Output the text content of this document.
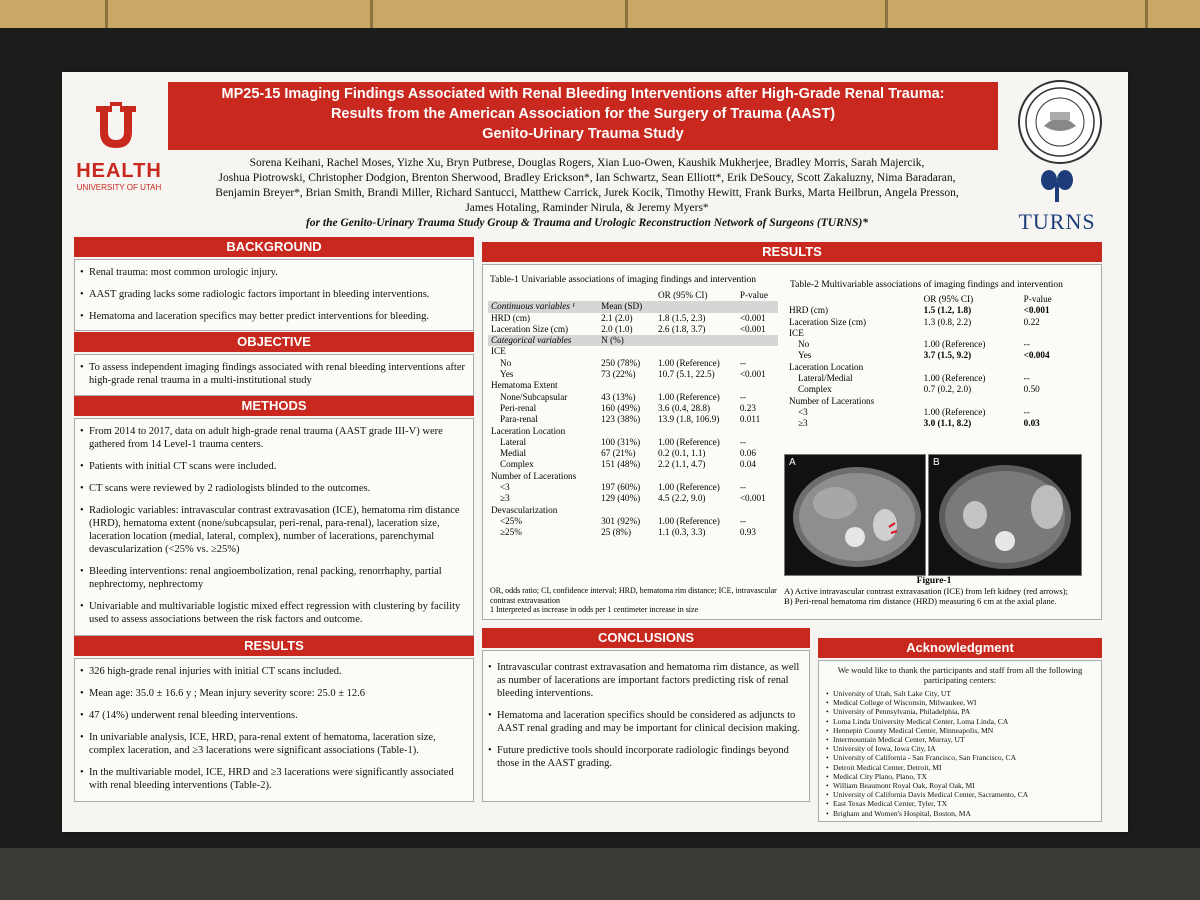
HEALTH
UNIVERSITY OF UTAH
MP25-15 Imaging Findings Associated with Renal Bleeding Interventions after High-Grade Renal Trauma:
Results from the American Association for the Surgery of Trauma (AAST)
Genito-Urinary Trauma Study
TURNS
Sorena Keihani, Rachel Moses, Yizhe Xu, Bryn Putbrese, Douglas Rogers, Xian Luo-Owen, Kaushik Mukherjee, Bradley Morris, Sarah Majercik,
Joshua Piotrowski, Christopher Dodgion, Brenton Sherwood, Bradley Erickson*, Ian Schwartz, Sean Elliott*, Erik DeSoucy, Scott Zakaluzny, Nima Baradaran,
Benjamin Breyer*, Brian Smith, Brandi Miller, Richard Santucci, Matthew Carrick, Jurek Kocik, Timothy Hewitt, Frank Burks, Marta Heilbrun, Angela Presson,
James Hotaling, Raminder Nirula, & Jeremy Myers*
for the Genito-Urinary Trauma Study Group & Trauma and Urologic Reconstruction Network of Surgeons (TURNS)*
BACKGROUND
• Renal trauma: most common urologic injury.
• AAST grading lacks some radiologic factors important in bleeding interventions.
• Hematoma and laceration specifics may better predict interventions for bleeding.
OBJECTIVE
• To assess independent imaging findings associated with renal bleeding interventions after high-grade renal trauma in a multi-institutional study
METHODS
• From 2014 to 2017, data on adult high-grade renal trauma (AAST grade III-V) were gathered from 14 Level-1 trauma centers.
• Patients with initial CT scans were included.
• CT scans were reviewed by 2 radiologists blinded to the outcomes.
• Radiologic variables: intravascular contrast extravasation (ICE), hematoma rim distance (HRD), hematoma extent (none/subcapsular, peri-renal, para-renal), laceration size, laceration location (medial, lateral, complex), number of lacerations, parenchymal devascularization (<25% vs. ≥25%)
• Bleeding interventions: renal angioembolization, renal packing, renorrhaphy, partial nephrectomy, nephrectomy
• Univariable and multivariable logistic mixed effect regression with clustering by facility used to assess associations between the risk factors and outcome.
RESULTS
• 326 high-grade renal injuries with initial CT scans included.
• Mean age: 35.0 ± 16.6 y ; Mean injury severity score: 25.0 ± 12.6
• 47 (14%) underwent renal bleeding interventions.
• In univariable analysis, ICE, HRD, para-renal extent of hematoma, laceration size, complex laceration, and ≥3 lacerations were significant associations (Table-1).
• In the multivariable model, ICE, HRD and ≥3 lacerations were significantly associated with renal bleeding interventions (Table-2).
RESULTS
Table-1 Univariable associations of imaging findings and intervention
		OR (95% CI)	P-value
Continuous variables ¹	Mean (SD)		
HRD (cm)	2.1 (2.0)	1.8 (1.5, 2.3)	<0.001
Laceration Size (cm)	2.0 (1.0)	2.6 (1.8, 3.7)	<0.001
Categorical variables	N (%)		
ICE			
No	250 (78%)	1.00 (Reference)	--
Yes	73 (22%)	10.7 (5.1, 22.5)	<0.001
Hematoma Extent			
None/Subcapsular	43 (13%)	1.00 (Reference)	--
Peri-renal	160 (49%)	3.6 (0.4, 28.8)	0.23
Para-renal	123 (38%)	13.9 (1.8, 106.9)	0.011
Laceration Location			
Lateral	100 (31%)	1.00 (Reference)	--
Medial	67 (21%)	0.2 (0.1, 1.1)	0.06
Complex	151 (48%)	2.2 (1.1, 4.7)	0.04
Number of Lacerations			
<3	197 (60%)	1.00 (Reference)	--
≥3	129 (40%)	4.5 (2.2, 9.0)	<0.001
Devascularization			
<25%	301 (92%)	1.00 (Reference)	--
≥25%	25 (8%)	1.1 (0.3, 3.3)	0.93
OR, odds ratio; CI, confidence interval; HRD, hematoma rim distance; ICE, intravascular contrast extravasation
1 Interpreted as increase in odds per 1 centimeter increase in size
Table-2 Multivariable associations of imaging findings and intervention
	OR (95% CI)	P-value
HRD (cm)	1.5 (1.2, 1.8)	<0.001
Laceration Size (cm)	1.3 (0.8, 2.2)	0.22
ICE		
No	1.00 (Reference)	--
Yes	3.7 (1.5, 9.2)	<0.004
Laceration Location		
Lateral/Medial	1.00 (Reference)	--
Complex	0.7 (0.2, 2.0)	0.50
Number of Lacerations		
<3	1.00 (Reference)	--
≥3	3.0 (1.1, 8.2)	0.03
A	B
Figure-1
A) Active intravascular contrast extravasation (ICE) from left kidney (red arrows);
B) Peri-renal hematoma rim distance (HRD) measuring 6 cm at the axial plane.
CONCLUSIONS
• Intravascular contrast extravasation and hematoma rim distance, as well as number of lacerations are important factors predicting risk of renal bleeding interventions.
• Hematoma and laceration specifics should be considered as adjuncts to AAST renal grading and may be important for clinical decision making.
• Future predictive tools should incorporate radiologic findings beyond those in the AAST grading.
Acknowledgment
We would like to thank the participants and staff from all the following participating centers:
• University of Utah, Salt Lake City, UT
• Medical College of Wisconsin, Milwaukee, WI
• University of Pennsylvania, Philadelphia, PA
• Loma Linda University Medical Center, Loma Linda, CA
• Hennepin County Medical Center, Minneapolis, MN
• Intermountain Medical Center, Murray, UT
• University of Iowa, Iowa City, IA
• University of California - San Francisco, San Francisco, CA
• Detroit Medical Center, Detroit, MI
• Medical City Plano, Plano, TX
• William Beaumont Royal Oak, Royal Oak, MI
• University of California Davis Medical Center, Sacramento, CA
• East Texas Medical Center, Tyler, TX
• Brigham and Women's Hospital, Boston, MA
